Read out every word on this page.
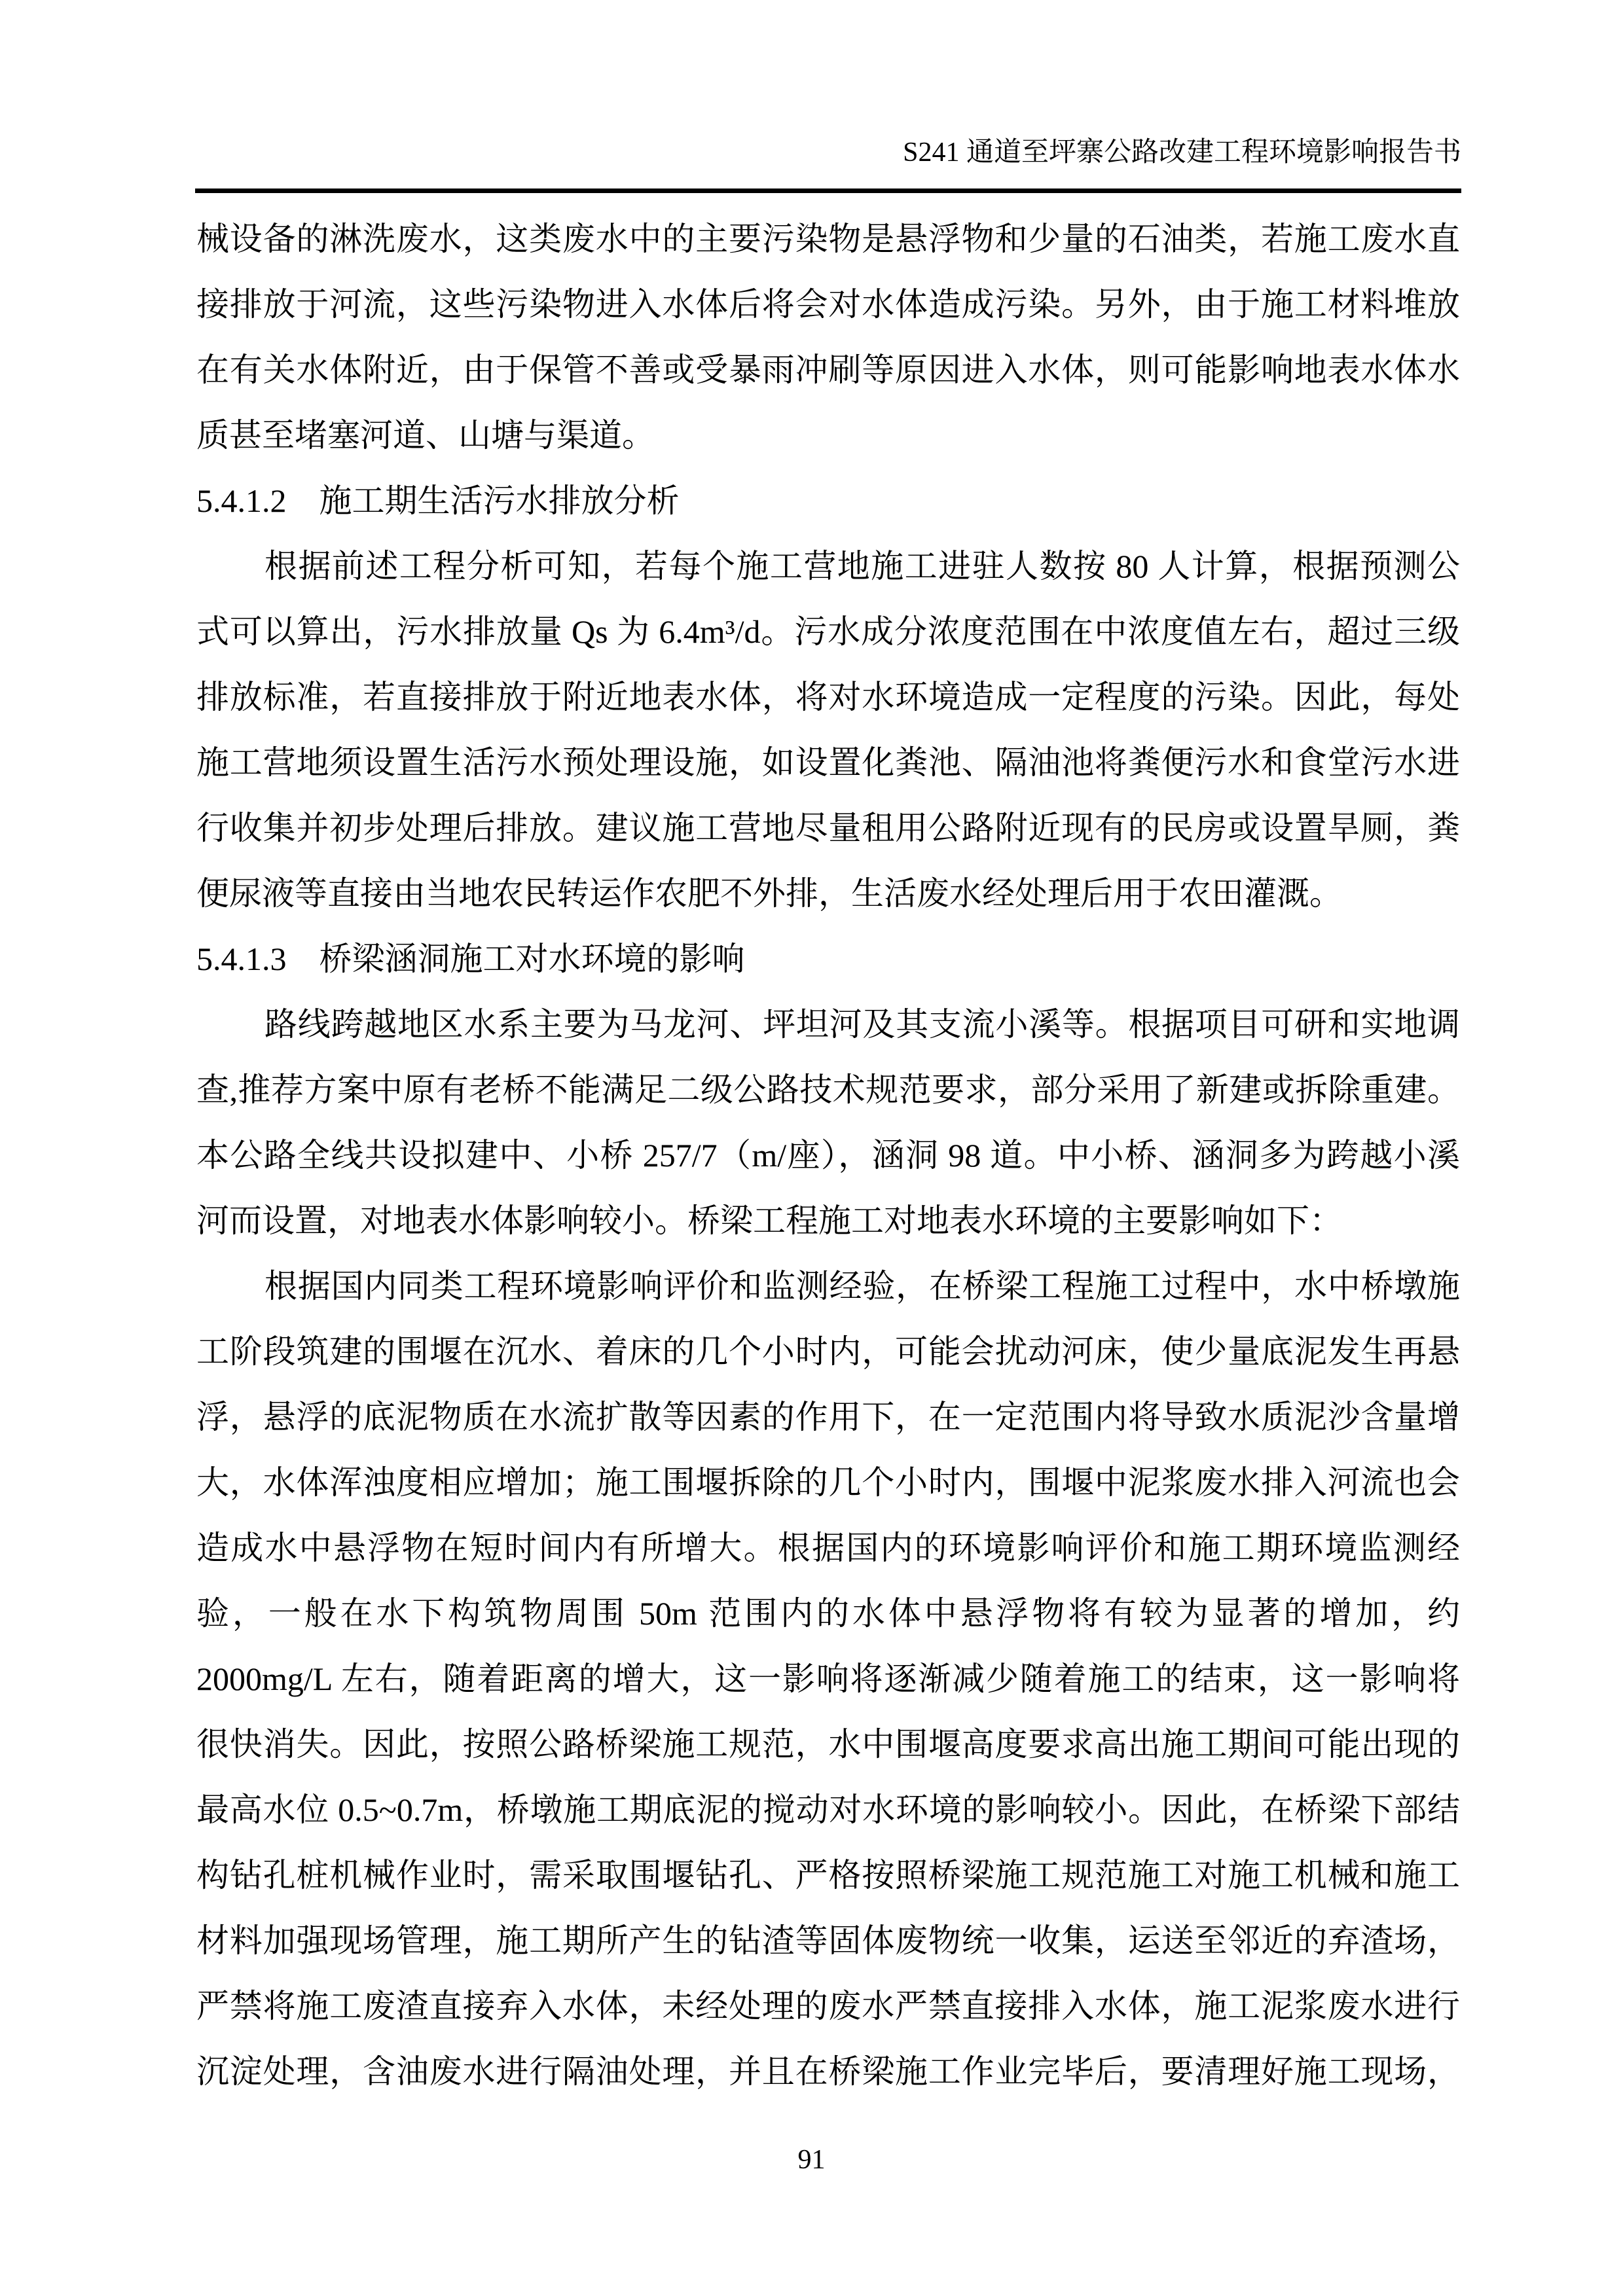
S241 通道至坪寨公路改建工程环境影响报告书
械设备的淋洗废水，这类废水中的主要污染物是悬浮物和少量的石油类，若施工废水直
接排放于河流，这些污染物进入水体后将会对水体造成污染。另外，由于施工材料堆放
在有关水体附近，由于保管不善或受暴雨冲刷等原因进入水体，则可能影响地表水体水
质甚至堵塞河道、山塘与渠道。
5.4.1.2　施工期生活污水排放分析
根据前述工程分析可知，若每个施工营地施工进驻人数按 80 人计算，根据预测公
式可以算出，污水排放量 Qs 为 6.4m³/d。污水成分浓度范围在中浓度值左右，超过三级
排放标准，若直接排放于附近地表水体，将对水环境造成一定程度的污染。因此，每处
施工营地须设置生活污水预处理设施，如设置化粪池、隔油池将粪便污水和食堂污水进
行收集并初步处理后排放。建议施工营地尽量租用公路附近现有的民房或设置旱厕，粪
便尿液等直接由当地农民转运作农肥不外排，生活废水经处理后用于农田灌溉。
5.4.1.3　桥梁涵洞施工对水环境的影响
路线跨越地区水系主要为马龙河、坪坦河及其支流小溪等。根据项目可研和实地调
查,推荐方案中原有老桥不能满足二级公路技术规范要求，部分采用了新建或拆除重建。
本公路全线共设拟建中、小桥 257/7（m/座），涵洞 98 道。中小桥、涵洞多为跨越小溪
河而设置，对地表水体影响较小。桥梁工程施工对地表水环境的主要影响如下：
根据国内同类工程环境影响评价和监测经验，在桥梁工程施工过程中，水中桥墩施
工阶段筑建的围堰在沉水、着床的几个小时内，可能会扰动河床，使少量底泥发生再悬
浮，悬浮的底泥物质在水流扩散等因素的作用下，在一定范围内将导致水质泥沙含量增
大，水体浑浊度相应增加；施工围堰拆除的几个小时内，围堰中泥浆废水排入河流也会
造成水中悬浮物在短时间内有所增大。根据国内的环境影响评价和施工期环境监测经
验，一般在水下构筑物周围 50m 范围内的水体中悬浮物将有较为显著的增加，约
2000mg/L 左右，随着距离的增大，这一影响将逐渐减少随着施工的结束，这一影响将
很快消失。因此，按照公路桥梁施工规范，水中围堰高度要求高出施工期间可能出现的
最高水位 0.5~0.7m，桥墩施工期底泥的搅动对水环境的影响较小。因此，在桥梁下部结
构钻孔桩机械作业时，需采取围堰钻孔、严格按照桥梁施工规范施工对施工机械和施工
材料加强现场管理，施工期所产生的钻渣等固体废物统一收集，运送至邻近的弃渣场，
严禁将施工废渣直接弃入水体，未经处理的废水严禁直接排入水体，施工泥浆废水进行
沉淀处理，含油废水进行隔油处理，并且在桥梁施工作业完毕后，要清理好施工现场，
91
